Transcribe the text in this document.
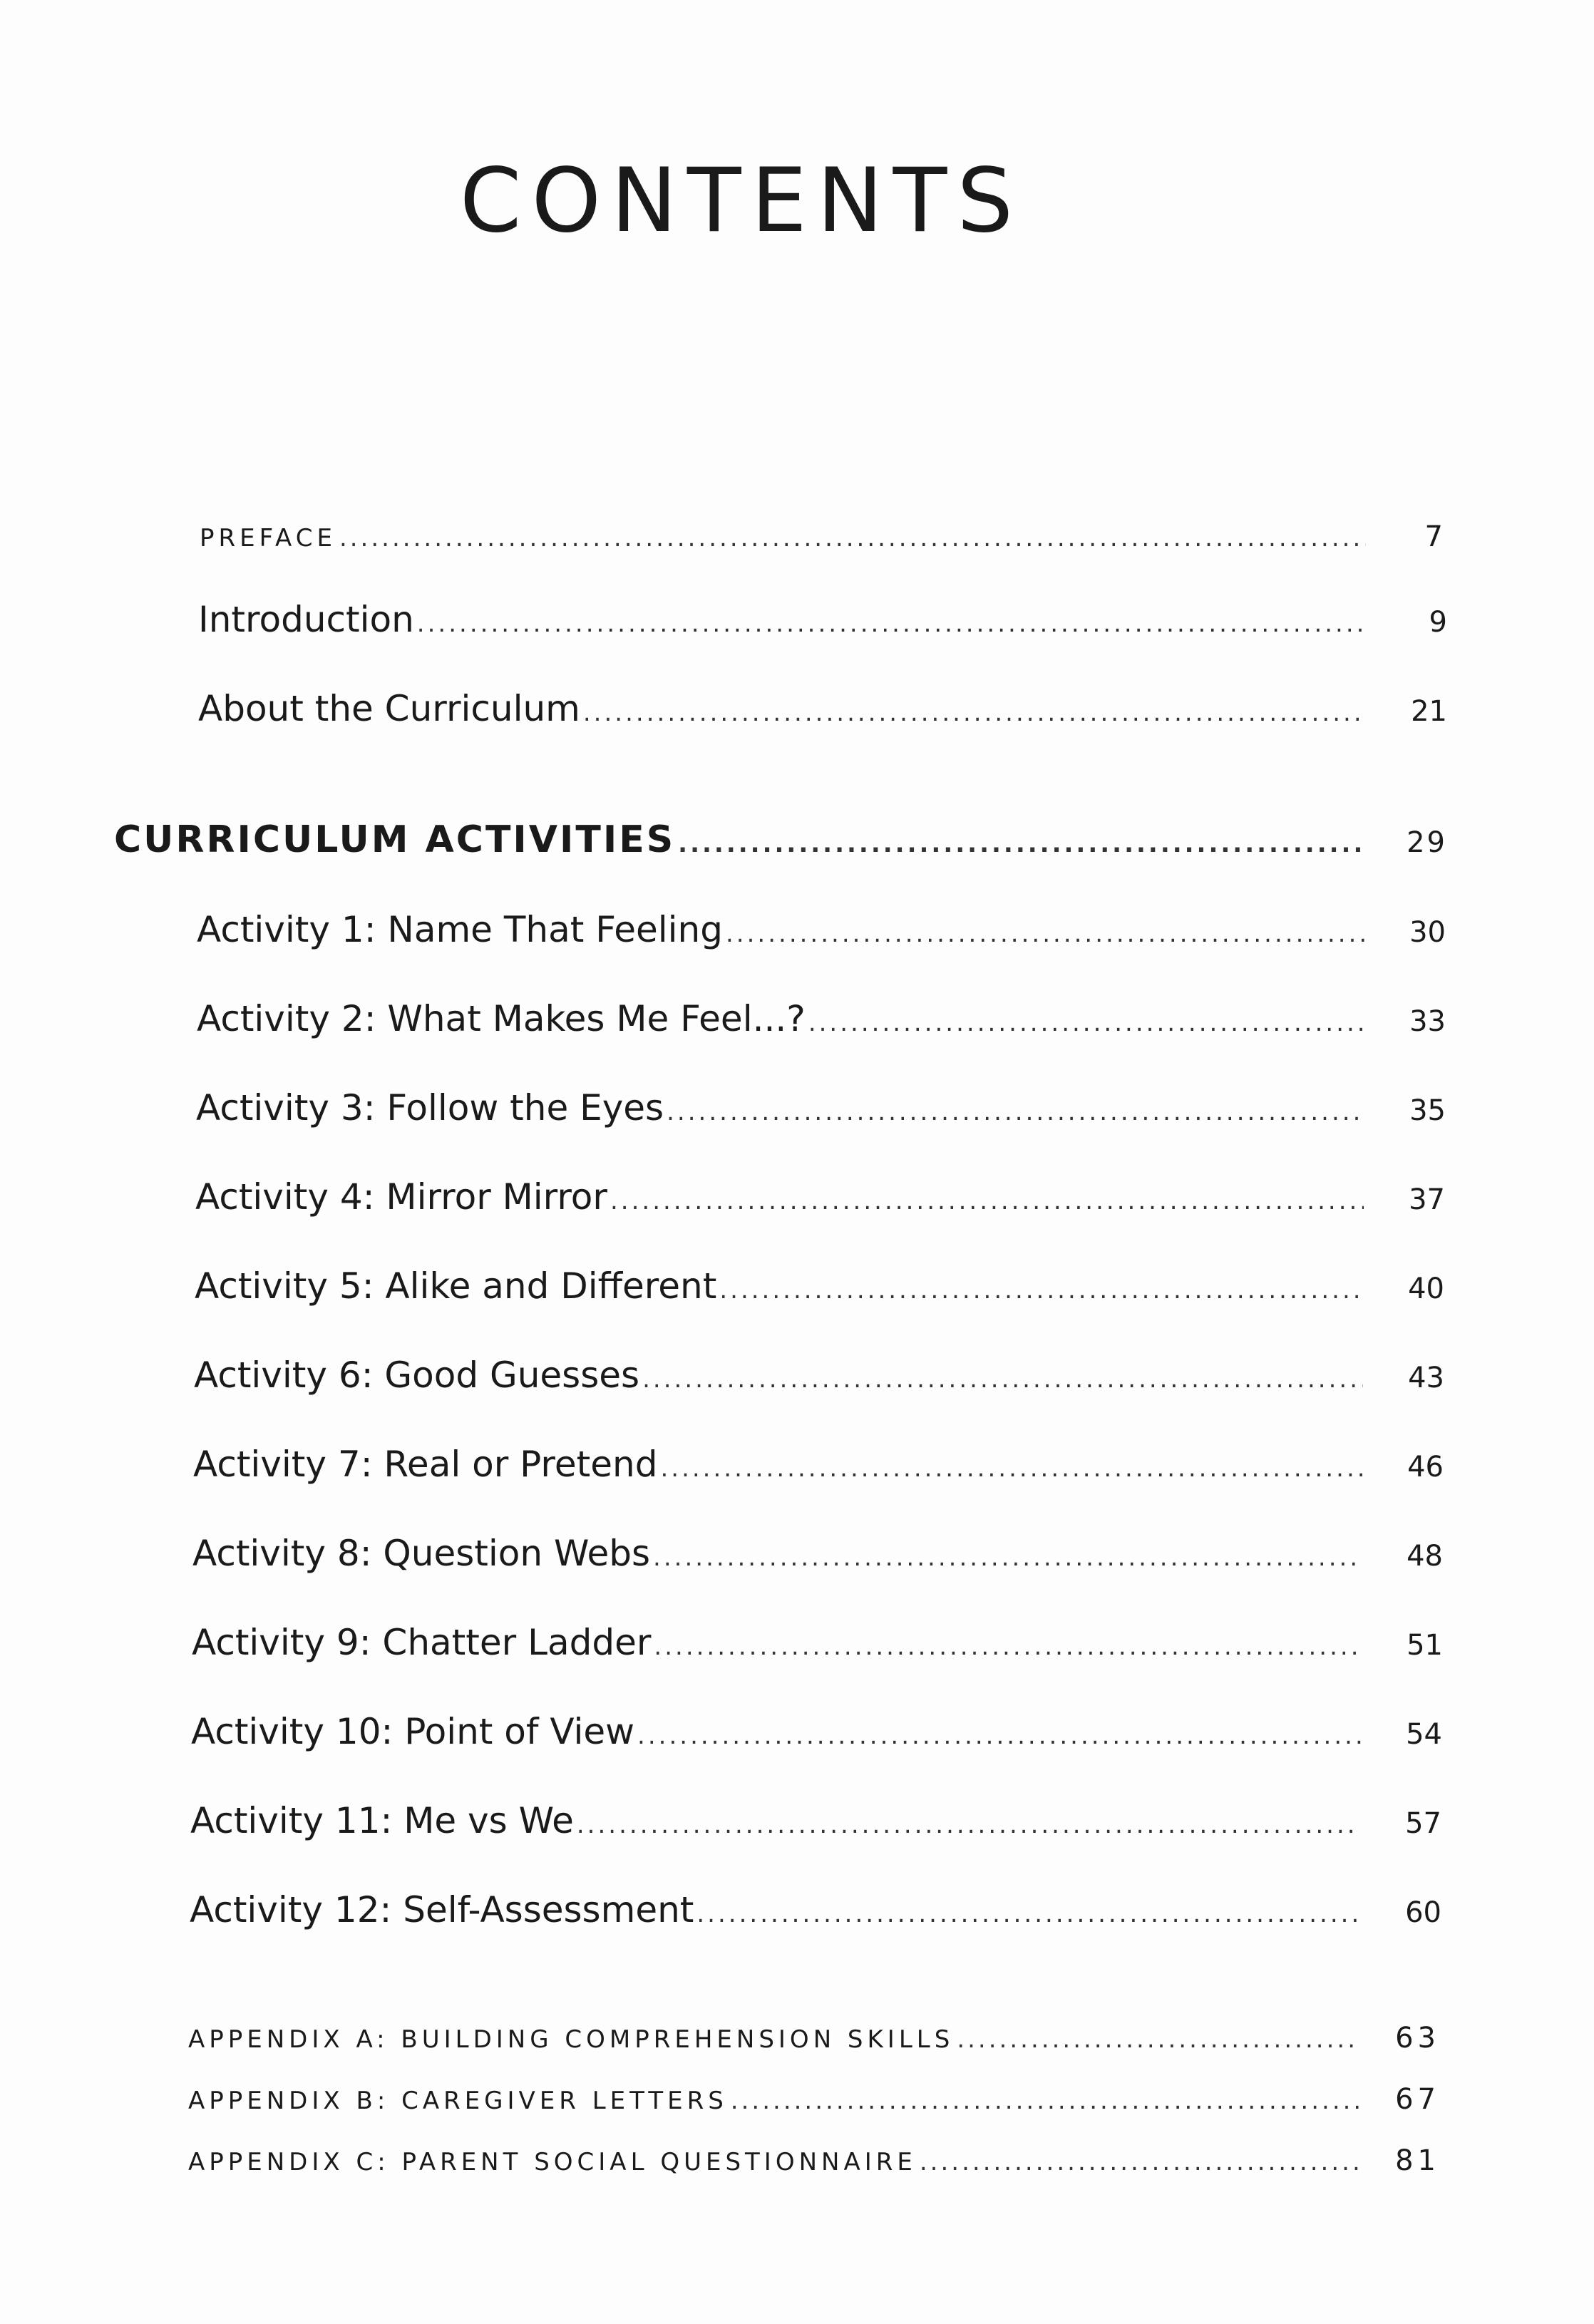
CONTENTS
PREFACE .....	7
Introduction .....	9
About the Curriculum .....	21
CURRICULUM ACTIVITIES .....	29
Activity 1: Name That Feeling .....	30
Activity 2: What Makes Me Feel...? .....	33
Activity 3: Follow the Eyes .....	35
Activity 4: Mirror Mirror .....	37
Activity 5: Alike and Different .....	40
Activity 6: Good Guesses .....	43
Activity 7: Real or Pretend .....	46
Activity 8: Question Webs .....	48
Activity 9: Chatter Ladder .....	51
Activity 10: Point of View .....	54
Activity 11: Me vs We .....	57
Activity 12: Self-Assessment .....	60
APPENDIX A: BUILDING COMPREHENSION SKILLS .....	63
APPENDIX B: CAREGIVER LETTERS .....	67
APPENDIX C: PARENT SOCIAL QUESTIONNAIRE .....	81
